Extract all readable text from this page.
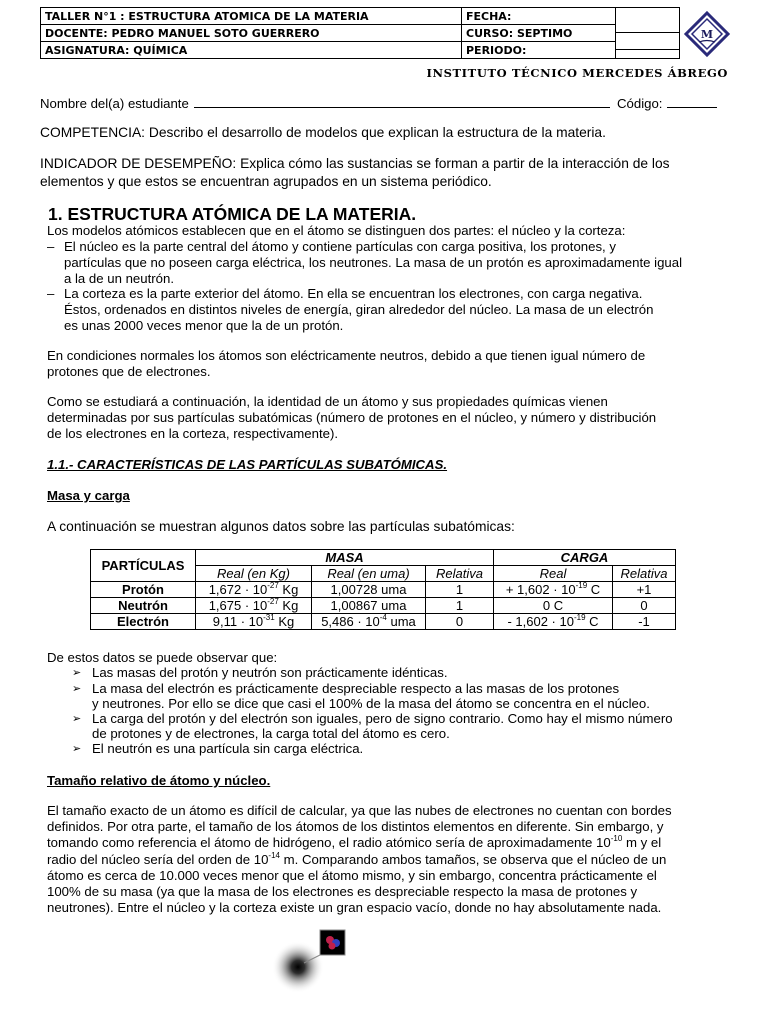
TALLER N°1 : ESTRUCTURA ATOMICA DE LA MATERIA	FECHA:	

DOCENTE: PEDRO MANUEL SOTO GUERRERO	CURSO: SEPTIMO	
ASIGNATURA: QUÍMICA	PERIODO:	
M
INSTITUTO TÉCNICO MERCEDES ÁBREGO
Nombre del(a) estudiante	Código:
COMPETENCIA: Describo el desarrollo de modelos que explican la estructura de la materia.
INDICADOR DE DESEMPEÑO: Explica cómo las sustancias se forman a partir de la interacción de los
elementos y que estos se encuentran agrupados en un sistema periódico.
1. ESTRUCTURA ATÓMICA DE LA MATERIA.
Los modelos atómicos establecen que en el átomo se distinguen dos partes: el núcleo y la corteza:
– El núcleo es la parte central del átomo y contiene partículas con carga positiva, los protones, y
partículas que no poseen carga eléctrica, los neutrones. La masa de un protón es aproximadamente igual
a la de un neutrón.
– La corteza es la parte exterior del átomo. En ella se encuentran los electrones, con carga negativa.
Éstos, ordenados en distintos niveles de energía, giran alrededor del núcleo. La masa de un electrón
es unas 2000 veces menor que la de un protón.
En condiciones normales los átomos son eléctricamente neutros, debido a que tienen igual número de
protones que de electrones.
Como se estudiará a continuación, la identidad de un átomo y sus propiedades químicas vienen
determinadas por sus partículas subatómicas (número de protones en el núcleo, y número y distribución
de los electrones en la corteza, respectivamente).
1.1.- CARACTERÍSTICAS DE LAS PARTÍCULAS SUBATÓMICAS.
Masa y carga
A continuación se muestran algunos datos sobre las partículas subatómicas:
PARTÍCULAS	MASA			CARGA	
	Real (en Kg)	Real (en uma)	Relativa	Real	Relativa
Protón	$1,672 \cdot 10^{-27}$ Kg	1,00728 uma	1	+ $1,602 \cdot 10^{-19}$ C	+1
Neutrón	$1,675 \cdot 10^{-27}$ Kg	1,00867 uma	1	0 C	0
Electrón	$9,11 \cdot 10^{-31}$ Kg	$5,486 \cdot 10^{-4}$ uma	0	- $1,602 \cdot 10^{-19}$ C	-1
De estos datos se puede observar que:
➢ Las masas del protón y neutrón son prácticamente idénticas.
➢ La masa del electrón es prácticamente despreciable respecto a las masas de los protones
y neutrones. Por ello se dice que casi el 100% de la masa del átomo se concentra en el núcleo.
➢ La carga del protón y del electrón son iguales, pero de signo contrario. Como hay el mismo número
de protones y de electrones, la carga total del átomo es cero.
➢ El neutrón es una partícula sin carga eléctrica.
Tamaño relativo de átomo y núcleo.
El tamaño exacto de un átomo es difícil de calcular, ya que las nubes de electrones no cuentan con bordes
definidos. Por otra parte, el tamaño de los átomos de los distintos elementos en diferente. Sin embargo, y
tomando como referencia el átomo de hidrógeno, el radio atómico sería de aproximadamente $10^{-10}$ m y el
radio del núcleo sería del orden de $10^{-14}$ m. Comparando ambos tamaños, se observa que el núcleo de un
átomo es cerca de 10.000 veces menor que el átomo mismo, y sin embargo, concentra prácticamente el
100% de su masa (ya que la masa de los electrones es despreciable respecto la masa de protones y
neutrones). Entre el núcleo y la corteza existe un gran espacio vacío, donde no hay absolutamente nada.
